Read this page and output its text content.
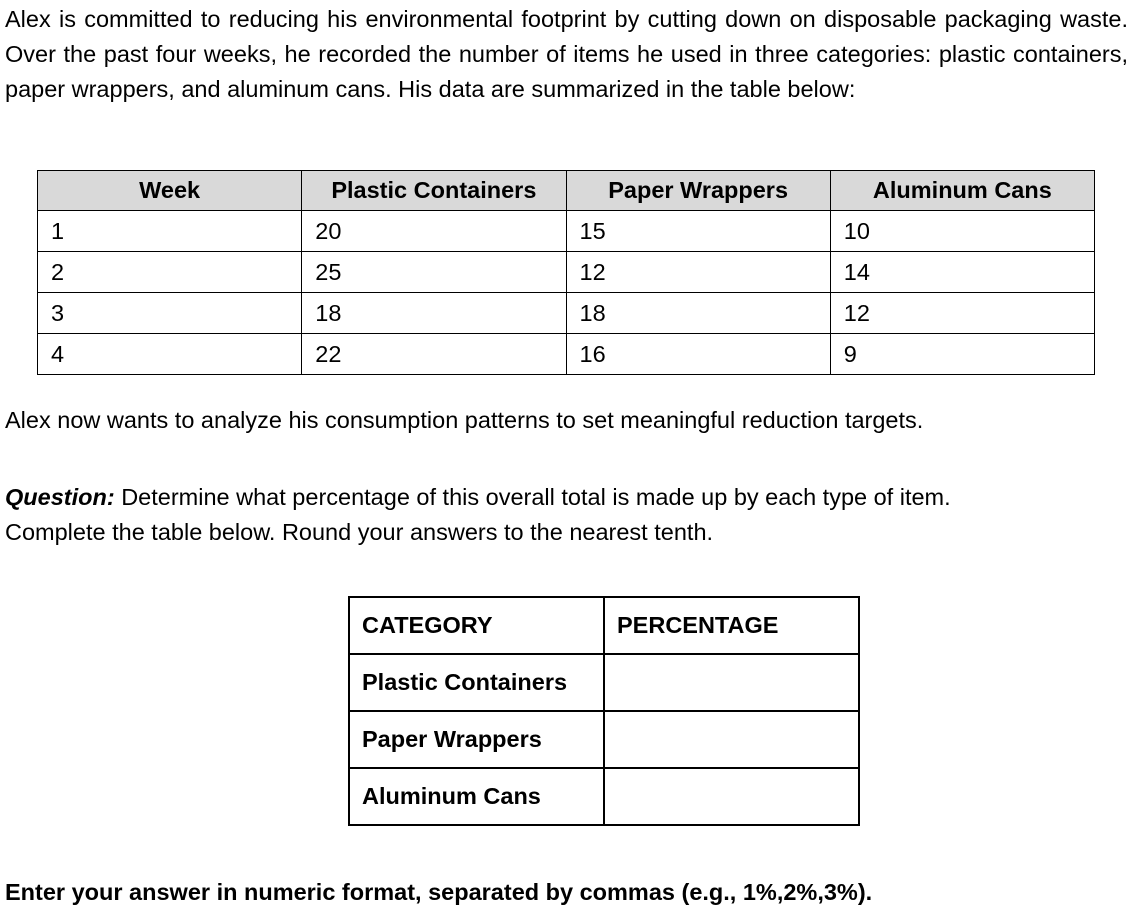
Alex is committed to reducing his environmental footprint by cutting down on disposable packaging waste. Over the past four weeks, he recorded the number of items he used in three categories: plastic containers, paper wrappers, and aluminum cans. His data are summarized in the table below:

Week	Plastic Containers	Paper Wrappers	Aluminum Cans
1	20	15	10
2	25	12	14
3	18	18	12
4	22	16	9

Alex now wants to analyze his consumption patterns to set meaningful reduction targets.

Question: Determine what percentage of this overall total is made up by each type of item.

Complete the table below. Round your answers to the nearest tenth.

CATEGORY	PERCENTAGE
Plastic Containers	
Paper Wrappers	
Aluminum Cans	

Enter your answer in numeric format, separated by commas (e.g., 1%,2%,3%).
